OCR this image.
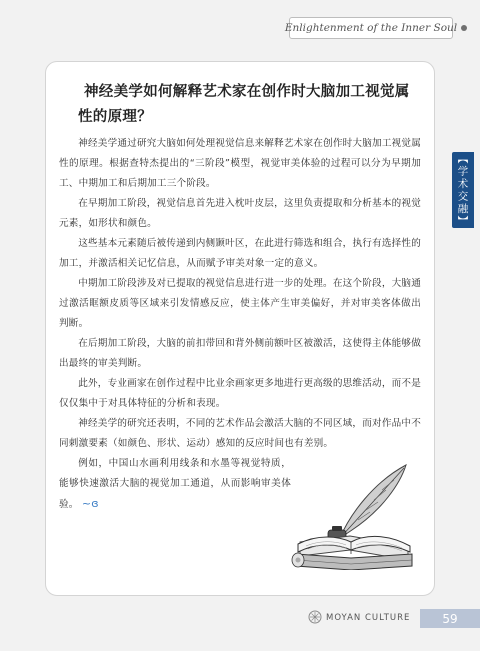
Enlightenment of the Inner Soul
【学术交融】
神经美学如何解释艺术家在创作时大脑加工视觉属性的原理？

神经美学通过研究大脑如何处理视觉信息来解释艺术家在创作时大脑加工视觉属性的原理。根据查特杰提出的“三阶段”模型，视觉审美体验的过程可以分为早期加工、中期加工和后期加工三个阶段。

在早期加工阶段，视觉信息首先进入枕叶皮层，这里负责提取和分析基本的视觉元素，如形状和颜色。

这些基本元素随后被传递到内侧颞叶区，在此进行筛选和组合，执行有选择性的加工，并激活相关记忆信息，从而赋予审美对象一定的意义。

中期加工阶段涉及对已提取的视觉信息进行进一步的处理。在这个阶段，大脑通过激活眶额皮质等区域来引发情感反应，使主体产生审美偏好，并对审美客体做出判断。

在后期加工阶段，大脑的前扣带回和背外侧前额叶区被激活，这使得主体能够做出最终的审美判断。

此外，专业画家在创作过程中比业余画家更多地进行更高级的思维活动，而不是仅仅集中于对具体特征的分析和表现。

神经美学的研究还表明，不同的艺术作品会激活大脑的不同区域，而对作品中不同刺激要素（如颜色、形状、运动）感知的反应时间也有差别。

例如，中国山水画利用线条和水墨等视觉特质，能够快速激活大脑的视觉加工通道，从而影响审美体验。 ~ɞ

MOYAN CULTURE	59
